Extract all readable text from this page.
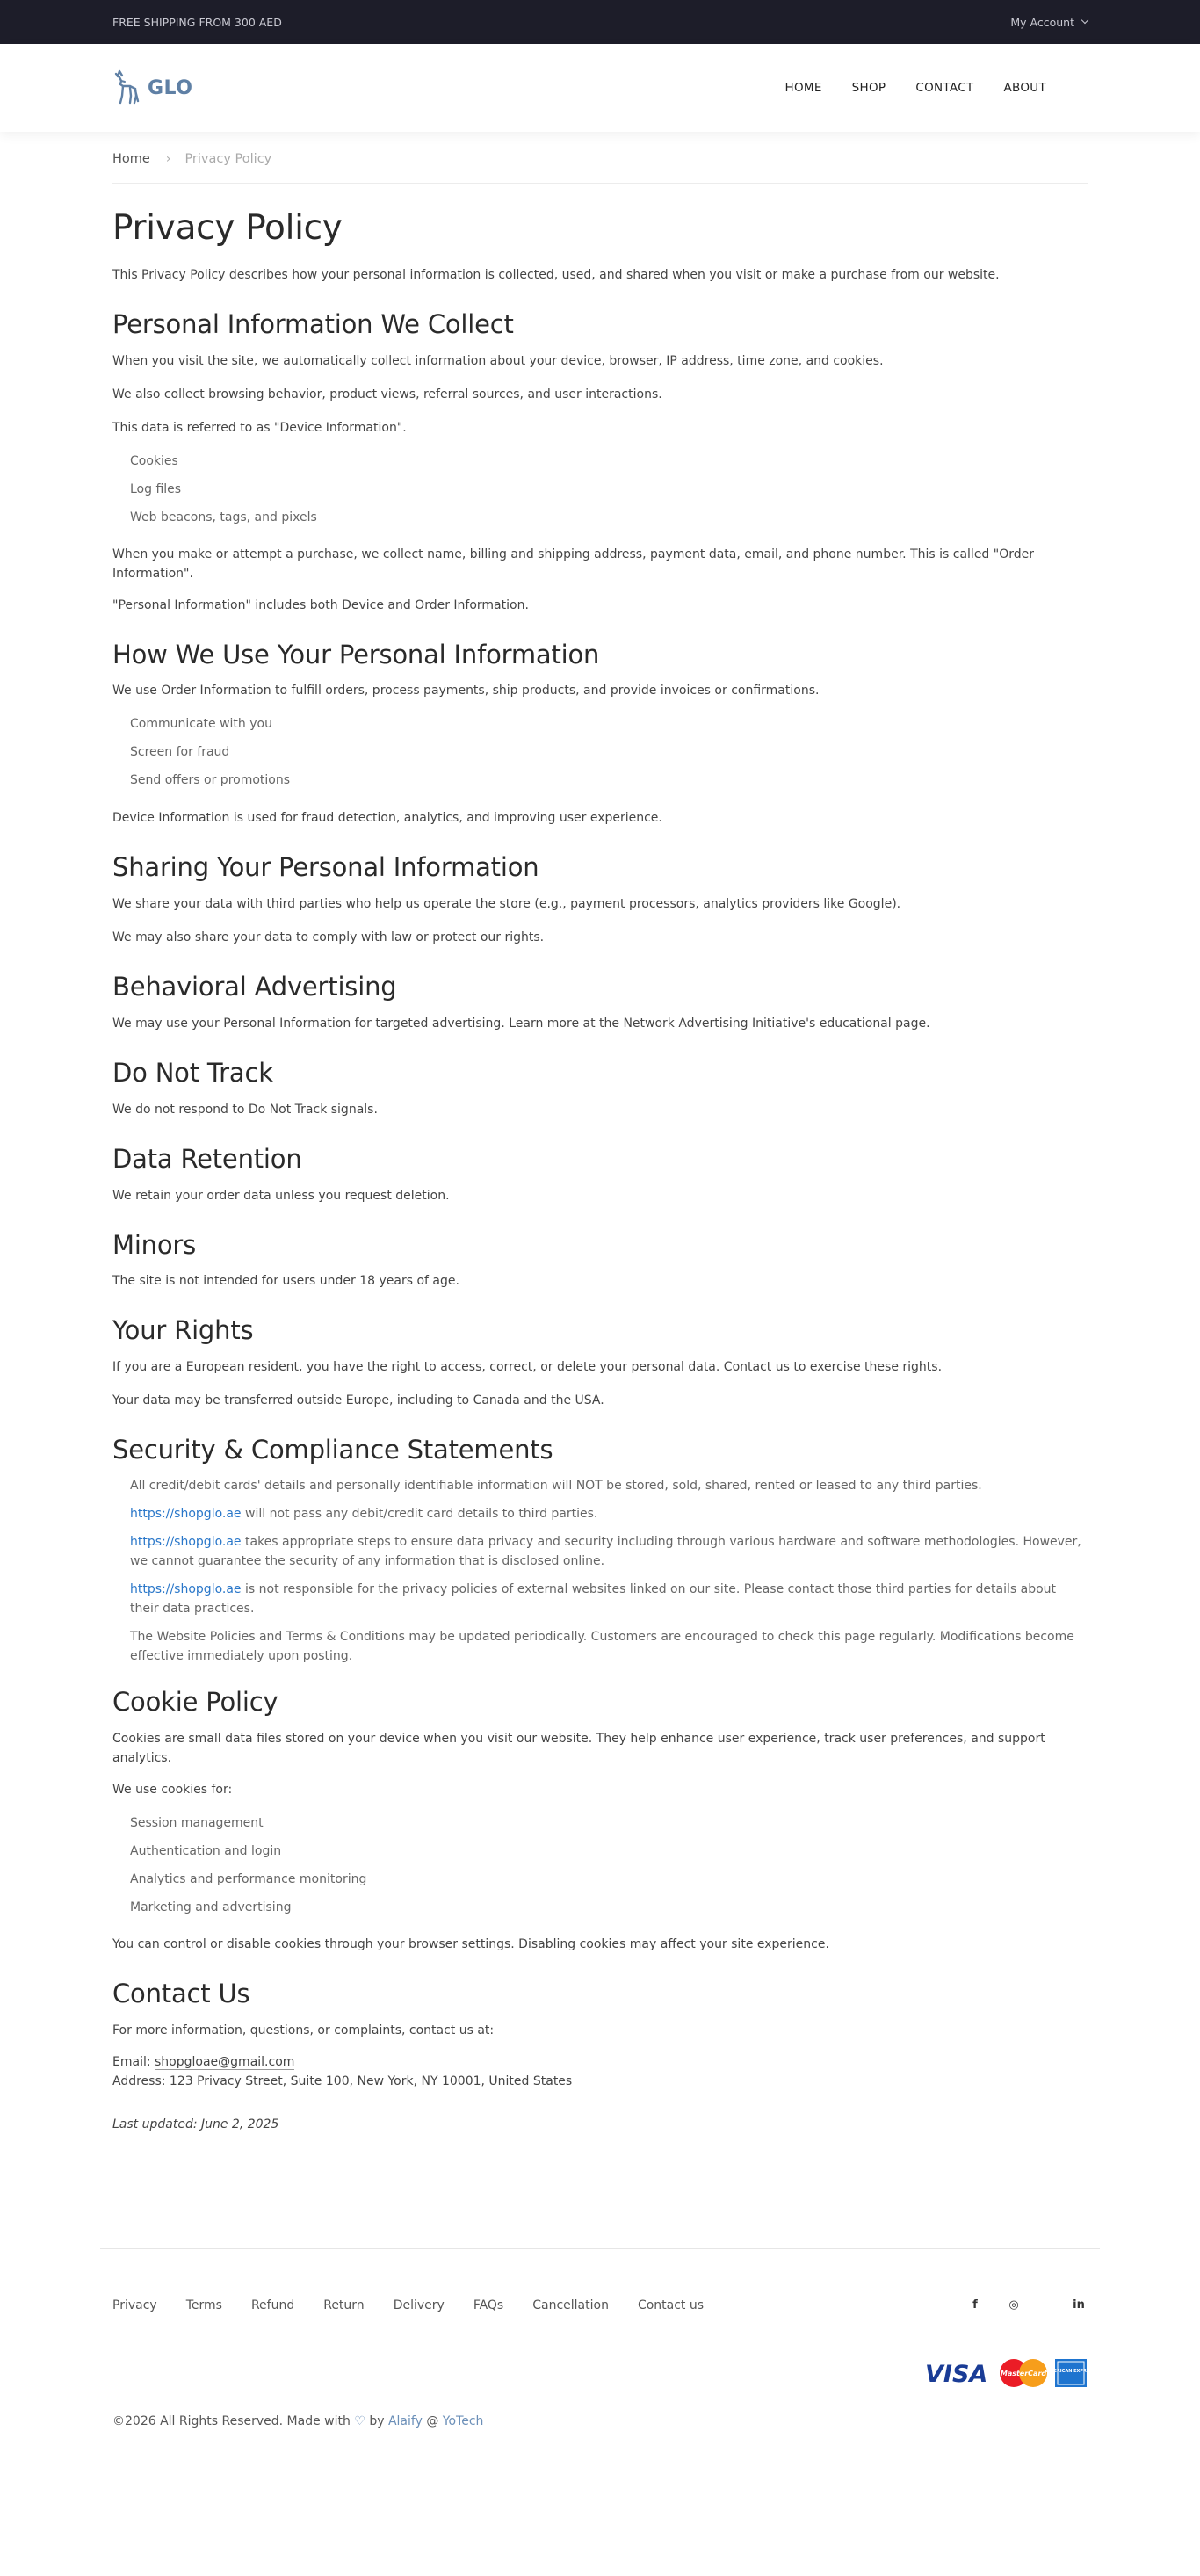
FREE SHIPPING FROM 300 AED	My Account
GLO	HOME	SHOP	CONTACT	ABOUT
Home › Privacy Policy
Privacy Policy

This Privacy Policy describes how your personal information is collected, used, and shared when you visit or make a purchase from our website.

Personal Information We Collect

When you visit the site, we automatically collect information about your device, browser, IP address, time zone, and cookies.

We also collect browsing behavior, product views, referral sources, and user interactions.

This data is referred to as "Device Information".

Cookies
Log files
Web beacons, tags, and pixels

When you make or attempt a purchase, we collect name, billing and shipping address, payment data, email, and phone number. This is called "Order Information".

"Personal Information" includes both Device and Order Information.

How We Use Your Personal Information

We use Order Information to fulfill orders, process payments, ship products, and provide invoices or confirmations.

Communicate with you
Screen for fraud
Send offers or promotions

Device Information is used for fraud detection, analytics, and improving user experience.

Sharing Your Personal Information

We share your data with third parties who help us operate the store (e.g., payment processors, analytics providers like Google).

We may also share your data to comply with law or protect our rights.

Behavioral Advertising

We may use your Personal Information for targeted advertising. Learn more at the Network Advertising Initiative's educational page.

Do Not Track

We do not respond to Do Not Track signals.

Data Retention

We retain your order data unless you request deletion.

Minors

The site is not intended for users under 18 years of age.

Your Rights

If you are a European resident, you have the right to access, correct, or delete your personal data. Contact us to exercise these rights.

Your data may be transferred outside Europe, including to Canada and the USA.

Security & Compliance Statements
All credit/debit cards' details and personally identifiable information will NOT be stored, sold, shared, rented or leased to any third parties.
https://shopglo.ae will not pass any debit/credit card details to third parties.
https://shopglo.ae takes appropriate steps to ensure data privacy and security including through various hardware and software methodologies. However, we cannot guarantee the security of any information that is disclosed online.
https://shopglo.ae is not responsible for the privacy policies of external websites linked on our site. Please contact those third parties for details about their data practices.
The Website Policies and Terms & Conditions may be updated periodically. Customers are encouraged to check this page regularly. Modifications become effective immediately upon posting.
Cookie Policy

Cookies are small data files stored on your device when you visit our website. They help enhance user experience, track user preferences, and support analytics.

We use cookies for:

Session management
Authentication and login
Analytics and performance monitoring
Marketing and advertising

You can control or disable cookies through your browser settings. Disabling cookies may affect your site experience.

Contact Us

For more information, questions, or complaints, contact us at:

Email: shopgloae@gmail.com

Address: 123 Privacy Street, Suite 100, New York, NY 10001, United States

Last updated: June 2, 2025

Privacy Terms Refund Return Delivery FAQs Cancellation Contact us	f	◎	in
VISA MasterCard AMERICAN EXPRESS
©2026 All Rights Reserved. Made with ♡ by Alaify @ YoTech
